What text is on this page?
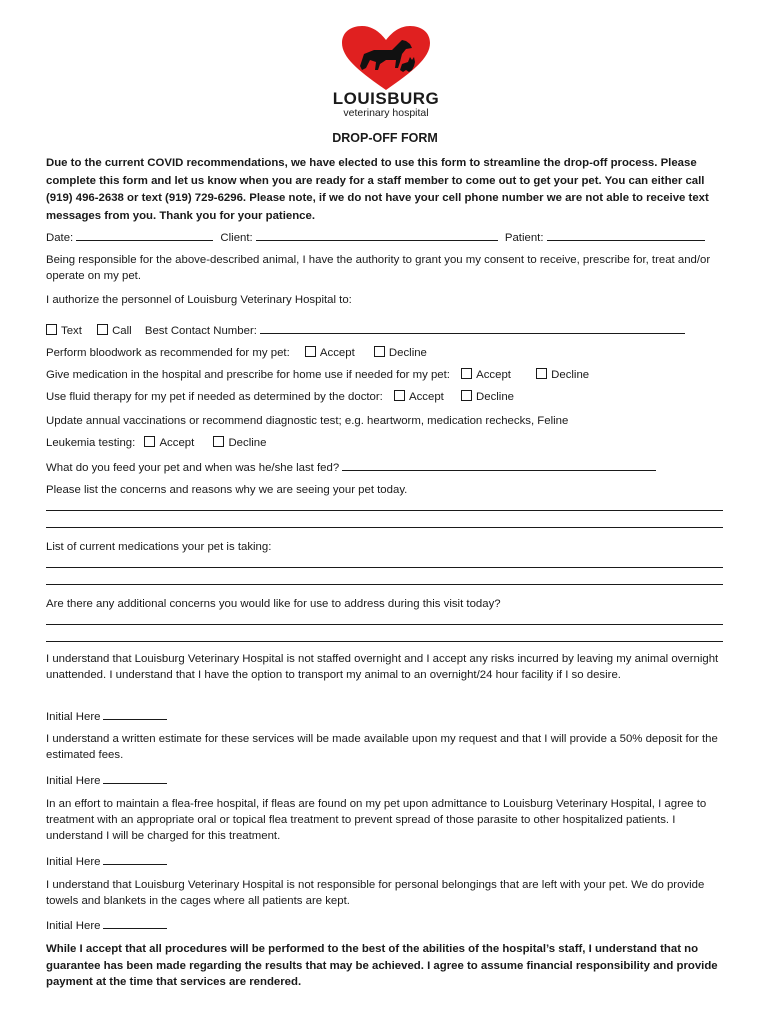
LOUISBURG
veterinary hospital
DROP-OFF FORM
Due to the current COVID recommendations, we have elected to use this form to streamline the drop-off process. Please complete this form and let us know when you are ready for a staff member to come out to get your pet. You can either call (919) 496-2638 or text (919) 729-6296. Please note, if we do not have your cell phone number we are not able to receive text messages from you. Thank you for your patience.
Date:	Client:	Patient:
Being responsible for the above-described animal, I have the authority to grant you my consent to receive, prescribe for, treat and/or operate on my pet.
I authorize the personnel of Louisburg Veterinary Hospital to:
Text	Call Best Contact Number:
Perform bloodwork as recommended for my pet:	Accept	Decline
Give medication in the hospital and prescribe for home use if needed for my pet: Accept	Decline
Use fluid therapy for my pet if needed as determined by the doctor: Accept	Decline
Update annual vaccinations or recommend diagnostic test; e.g. heartworm, medication rechecks, Feline
Leukemia testing: Accept	Decline
What do you feed your pet and when was he/she last fed?
Please list the concerns and reasons why we are seeing your pet today.
List of current medications your pet is taking:
Are there any additional concerns you would like for use to address during this visit today?
I understand that Louisburg Veterinary Hospital is not staffed overnight and I accept any risks incurred by leaving my animal overnight unattended. I understand that I have the option to transport my animal to an overnight/24 hour facility if I so desire.
Initial Here
I understand a written estimate for these services will be made available upon my request and that I will provide a 50% deposit for the estimated fees.
Initial Here
In an effort to maintain a flea-free hospital, if fleas are found on my pet upon admittance to Louisburg Veterinary Hospital, I agree to treatment with an appropriate oral or topical flea treatment to prevent spread of those parasite to other hospitalized patients. I understand I will be charged for this treatment.
Initial Here
I understand that Louisburg Veterinary Hospital is not responsible for personal belongings that are left with your pet. We do provide towels and blankets in the cages where all patients are kept.
Initial Here
While I accept that all procedures will be performed to the best of the abilities of the hospital’s staff, I understand that no guarantee has been made regarding the results that may be achieved. I agree to assume financial responsibility and provide payment at the time that services are rendered.
